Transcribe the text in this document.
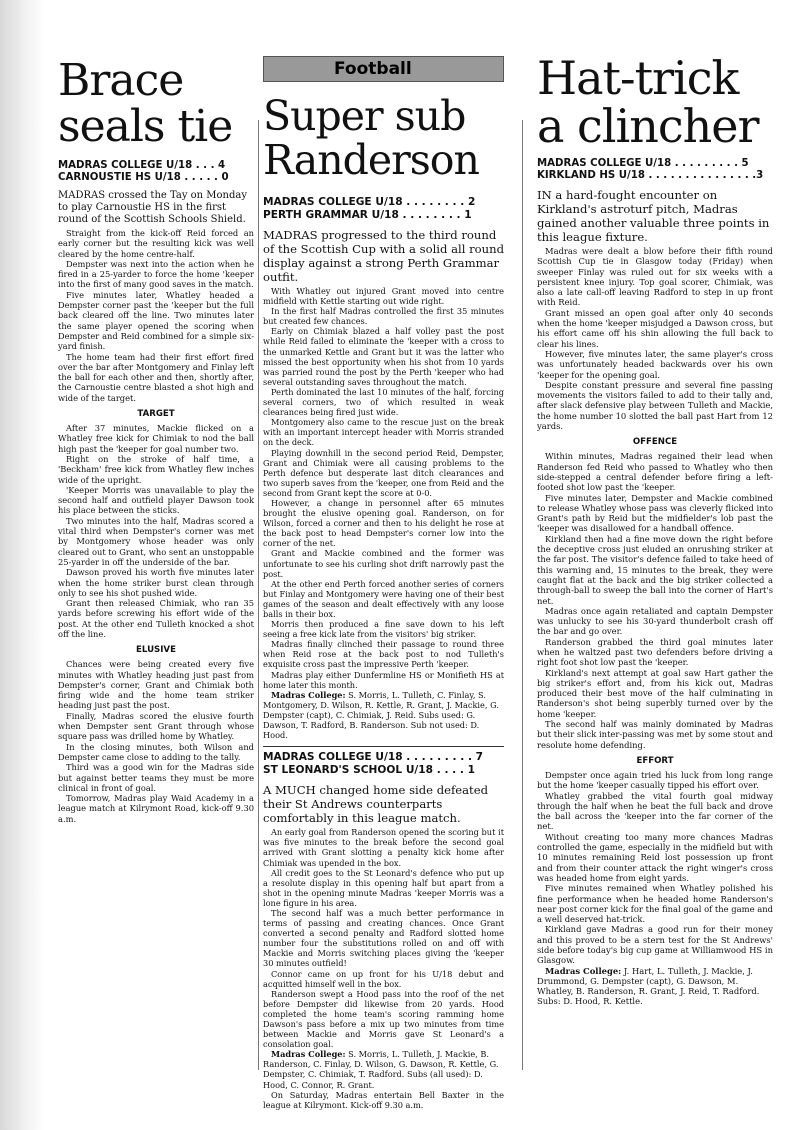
Brace seals tie

MADRAS COLLEGE U/18 . . . 4

CARNOUSTIE HS U/18 . . . . . 0

MADRAS crossed the Tay on Monday to play Carnoustie HS in the first round of the Scottish Schools Shield.

Straight from the kick-off Reid forced an early corner but the resulting kick was well cleared by the home centre-half.

Dempster was next into the action when he fired in a 25-yarder to force the home 'keeper into the first of many good saves in the match.

Five minutes later, Whatley headed a Dempster corner past the 'keeper but the full back cleared off the line. Two minutes later the same player opened the scoring when Dempster and Reid combined for a simple six-yard finish.

The home team had their first effort fired over the bar after Montgomery and Finlay left the ball for each other and then, shortly after, the Carnoustie centre blasted a shot high and wide of the target.

TARGET

After 37 minutes, Mackie flicked on a Whatley free kick for Chimiak to nod the ball high past the 'keeper for goal number two.

Right on the stroke of half time, a 'Beckham' free kick from Whatley flew inches wide of the upright.

'Keeper Morris was unavailable to play the second half and outfield player Dawson took his place between the sticks.

Two minutes into the half, Madras scored a vital third when Dempster's corner was met by Montgomery whose header was only cleared out to Grant, who sent an unstoppable 25-yarder in off the underside of the bar.

Dawson proved his worth five minutes later when the home striker burst clean through only to see his shot pushed wide.

Grant then released Chimiak, who ran 35 yards before screwing his effort wide of the post. At the other end Tulleth knocked a shot off the line.

ELUSIVE

Chances were being created every five minutes with Whatley heading just past from Dempster's corner, Grant and Chimiak both firing wide and the home team striker heading just past the post.

Finally, Madras scored the elusive fourth when Dempster sent Grant through whose square pass was drilled home by Whatley.

In the closing minutes, both Wilson and Dempster came close to adding to the tally.

Third was a good win for the Madras side but against better teams they must be more clinical in front of goal.

Tomorrow, Madras play Waid Academy in a league match at Kilrymont Road, kick-off 9.30 a.m.

Football
Super sub Randerson

MADRAS COLLEGE U/18 . . . . . . . . 2

PERTH GRAMMAR U/18 . . . . . . . . 1

MADRAS progressed to the third round of the Scottish Cup with a solid all round display against a strong Perth Grammar outfit.

With Whatley out injured Grant moved into centre midfield with Kettle starting out wide right.

In the first half Madras controlled the first 35 minutes but created few chances.

Early on Chimiak blazed a half volley past the post while Reid failed to eliminate the 'keeper with a cross to the unmarked Kettle and Grant but it was the latter who missed the best opportunity when his shot from 10 yards was parried round the post by the Perth 'keeper who had several outstanding saves throughout the match.

Perth dominated the last 10 minutes of the half, forcing several corners, two of which resulted in weak clearances being fired just wide.

Montgomery also came to the rescue just on the break with an important intercept header with Morris stranded on the deck.

Playing downhill in the second period Reid, Dempster, Grant and Chimiak were all causing problems to the Perth defence but desperate last ditch clearances and two superb saves from the 'keeper, one from Reid and the second from Grant kept the score at 0-0.

However, a change in personnel after 65 minutes brought the elusive opening goal. Randerson, on for Wilson, forced a corner and then to his delight he rose at the back post to head Dempster's corner low into the corner of the net.

Grant and Mackie combined and the former was unfortunate to see his curling shot drift narrowly past the post.

At the other end Perth forced another series of corners but Finlay and Montgomery were having one of their best games of the season and dealt effectively with any loose balls in their box.

Morris then produced a fine save down to his left seeing a free kick late from the visitors' big striker.

Madras finally clinched their passage to round three when Reid rose at the back post to nod Tulleth's exquisite cross past the impressive Perth 'keeper.

Madras play either Dunfermline HS or Monifieth HS at home later this month.

Madras College: S. Morris, L. Tulleth, C. Finlay, S. Montgomery, D. Wilson, R. Kettle, R. Grant, J. Mackie, G. Dempster (capt), C. Chimiak, J. Reid. Subs used: G. Dawson, T. Radford, B. Randerson. Sub not used: D. Hood.

MADRAS COLLEGE U/18 . . . . . . . . . 7

ST LEONARD'S SCHOOL U/18 . . . . 1

A MUCH changed home side defeated their St Andrews counterparts comfortably in this league match.

An early goal from Randerson opened the scoring but it was five minutes to the break before the second goal arrived with Grant slotting a penalty kick home after Chimiak was upended in the box.

All credit goes to the St Leonard's defence who put up a resolute display in this opening half but apart from a shot in the opening minute Madras 'keeper Morris was a lone figure in his area.

The second half was a much better performance in terms of passing and creating chances. Once Grant converted a second penalty and Radford slotted home number four the substitutions rolled on and off with Mackie and Morris switching places giving the 'keeper 30 minutes outfield!

Connor came on up front for his U/18 debut and acquitted himself well in the box.

Randerson swept a Hood pass into the roof of the net before Dempster did likewise from 20 yards. Hood completed the home team's scoring ramming home Dawson's pass before a mix up two minutes from time between Mackie and Morris gave St Leonard's a consolation goal.

Madras College: S. Morris, L. Tulleth, J. Mackie, B. Randerson, C. Finlay, D. Wilson, G. Dawson, R. Kettle, G. Dempster, C. Chimiak, T. Radford. Subs (all used): D. Hood, C. Connor, R. Grant.

On Saturday, Madras entertain Bell Baxter in the league at Kilrymont. Kick-off 9.30 a.m.

Hat-trick a clincher

MADRAS COLLEGE U/18 . . . . . . . . . 5

KIRKLAND HS U/18 . . . . . . . . . . . . . . .3

IN a hard-fought encounter on Kirkland's astroturf pitch, Madras gained another valuable three points in this league fixture.

Madras were dealt a blow before their fifth round Scottish Cup tie in Glasgow today (Friday) when sweeper Finlay was ruled out for six weeks with a persistent knee injury. Top goal scorer, Chimiak, was also a late call-off leaving Radford to step in up front with Reid.

Grant missed an open goal after only 40 seconds when the home 'keeper misjudged a Dawson cross, but his effort came off his shin allowing the full back to clear his lines.

However, five minutes later, the same player's cross was unfortunately headed backwards over his own 'keeper for the opening goal.

Despite constant pressure and several fine passing movements the visitors failed to add to their tally and, after slack defensive play between Tulleth and Mackie, the home number 10 slotted the ball past Hart from 12 yards.

OFFENCE

Within minutes, Madras regained their lead when Randerson fed Reid who passed to Whatley who then side-stepped a central defender before firing a left-footed shot low past the 'keeper.

Five minutes later, Dempster and Mackie combined to release Whatley whose pass was cleverly flicked into Grant's path by Reid but the midfielder's lob past the 'keeper was disallowed for a handball offence.

Kirkland then had a fine move down the right before the deceptive cross just eluded an onrushing striker at the far post. The visitor's defence failed to take heed of this warning and, 15 minutes to the break, they were caught flat at the back and the big striker collected a through-ball to sweep the ball into the corner of Hart's net.

Madras once again retaliated and captain Dempster was unlucky to see his 30-yard thunderbolt crash off the bar and go over.

Randerson grabbed the third goal minutes later when he waltzed past two defenders before driving a right foot shot low past the 'keeper.

Kirkland's next attempt at goal saw Hart gather the big striker's effort and, from his kick out, Madras produced their best move of the half culminating in Randerson's shot being superbly turned over by the home 'keeper.

The second half was mainly dominated by Madras but their slick inter-passing was met by some stout and resolute home defending.

EFFORT

Dempster once again tried his luck from long range but the home 'keeper casually tipped his effort over.

Whatley grabbed the vital fourth goal midway through the half when he beat the full back and drove the ball across the 'keeper into the far corner of the net.

Without creating too many more chances Madras controlled the game, especially in the midfield but with 10 minutes remaining Reid lost possession up front and from their counter attack the right winger's cross was headed home from eight yards.

Five minutes remained when Whatley polished his fine performance when he headed home Randerson's near post corner kick for the final goal of the game and a well deserved hat-trick.

Kirkland gave Madras a good run for their money and this proved to be a stern test for the St Andrews' side before today's big cup game at Williamwood HS in Glasgow.

Madras College: J. Hart, L. Tulleth, J. Mackie, J. Drummond, G. Dempster (capt), G. Dawson, M. Whatley, B. Randerson, R. Grant, J. Reid, T. Radford. Subs: D. Hood, R. Kettle.
